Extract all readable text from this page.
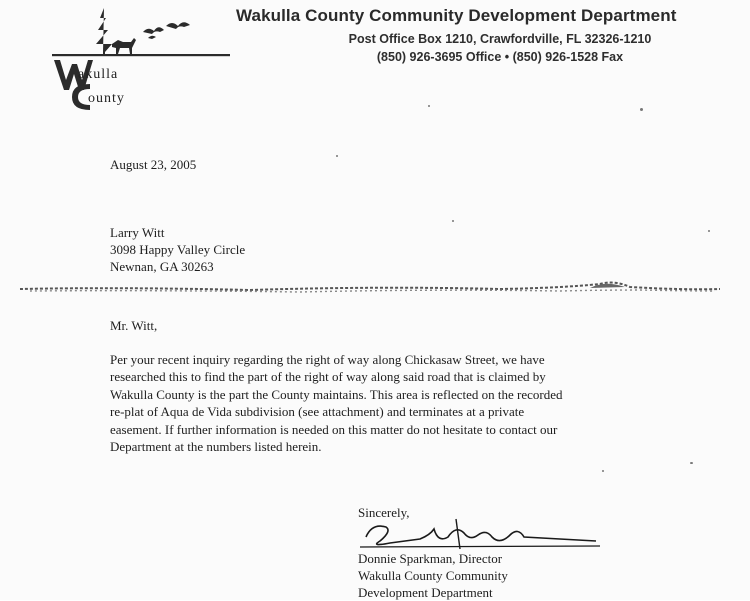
akulla
ounty
Wakulla County Community Development Department
Post Office Box 1210, Crawfordville, FL 32326-1210
(850) 926-3695 Office • (850) 926-1528 Fax
August 23, 2005
Larry Witt
3098 Happy Valley Circle
Newnan, GA 30263
Mr. Witt,
Per your recent inquiry regarding the right of way along Chickasaw Street, we have
researched this to find the part of the right of way along said road that is claimed by
Wakulla County is the part the County maintains. This area is reflected on the recorded
re-plat of Aqua de Vida subdivision (see attachment) and terminates at a private
easement. If further information is needed on this matter do not hesitate to contact our
Department at the numbers listed herein.
Sincerely,
Donnie Sparkman, Director
Wakulla County Community
Development Department
